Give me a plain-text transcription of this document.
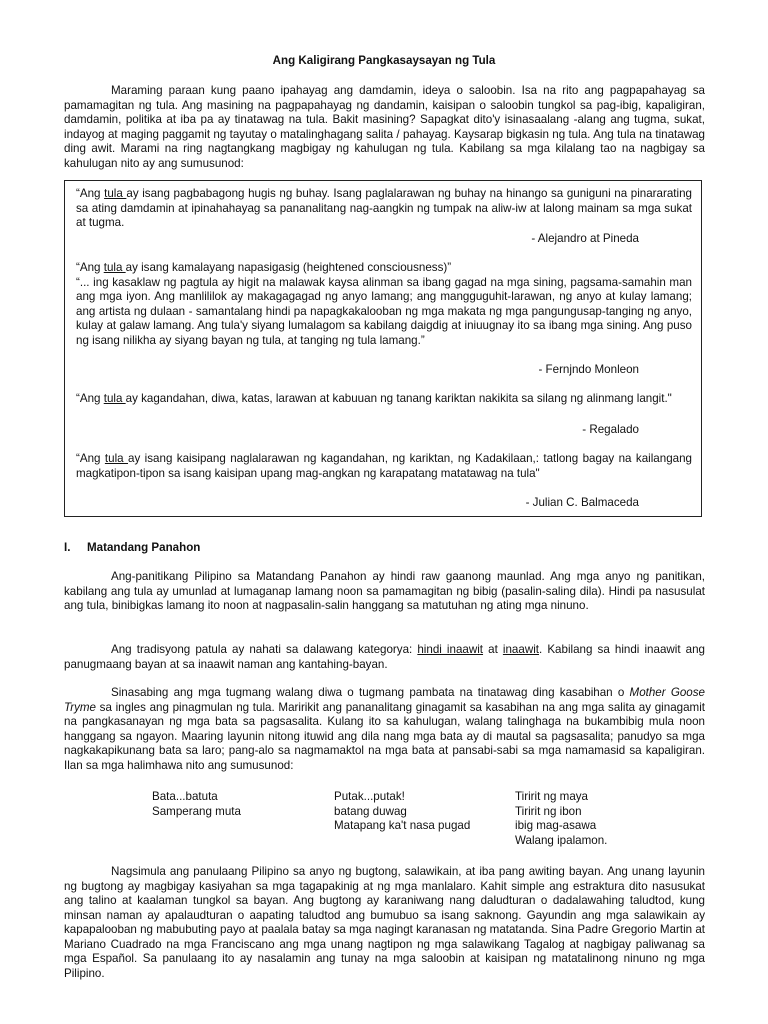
Ang Kaligirang Pangkasaysayan ng Tula
Maraming paraan kung paano ipahayag ang damdamin, ideya o saloobin. Isa na rito ang pagpapahayag sa pamamagitan ng tula. Ang masining na pagpapahayag ng dandamin, kaisipan o saloobin tungkol sa pag-ibig, kapaligiran, damdamin, politika at iba pa ay tinatawag na tula. Bakit masining? Sapagkat dito'y isinasaalang -alang ang tugma, sukat, indayog at maging paggamit ng tayutay o matalinghagang salita / pahayag. Kaysarap bigkasin ng tula. Ang tula na tinatawag ding awit. Marami na ring nagtangkang magbigay ng kahulugan ng tula. Kabilang sa mga kilalang tao na nagbigay sa kahulugan nito ay ang sumusunod:
“Ang tula ay isang pagbabagong hugis ng buhay. Isang paglalarawan ng buhay na hinango sa guniguni na pinararating sa ating damdamin at ipinahahayag sa pananalitang nag-aangkin ng tumpak na aliw-iw at lalong mainam sa mga sukat at tugma.
- Alejandro at Pineda
“Ang tula ay isang kamalayang napasigasig (heightened consciousness)”
“... ing kasaklaw ng pagtula ay higit na malawak kaysa alinman sa ibang gagad na mga sining, pagsama-samahin man ang mga iyon. Ang manlililok ay makagagagad ng anyo lamang; ang mangguguhit-larawan, ng anyo at kulay lamang; ang artista ng dulaan - samantalang hindi pa napagkakalooban ng mga makata ng mga pangungusap-tanging ng anyo, kulay at galaw lamang. Ang tula'y siyang lumalagom sa kabilang daigdig at iniuugnay ito sa ibang mga sining. Ang puso ng isang nilikha ay siyang bayan ng tula, at tanging ng tula lamang.”
- Fernjndo Monleon
“Ang tula ay kagandahan, diwa, katas, larawan at kabuuan ng tanang kariktan nakikita sa silang ng alinmang langit."
- Regalado
“Ang tula ay isang kaisipang naglalarawan ng kagandahan, ng kariktan, ng Kadakilaan,: tatlong bagay na kailangang magkatipon-tipon sa isang kaisipan upang mag-angkan ng karapatang matatawag na tula"
- Julian C. Balmaceda
I. Matandang Panahon
Ang-panitikang Pilipino sa Matandang Panahon ay hindi raw gaanong maunlad. Ang mga anyo ng panitikan, kabilang ang tula ay umunlad at lumaganap lamang noon sa pamamagitan ng bibig (pasalin-saling dila). Hindi pa nasusulat ang tula, binibigkas lamang ito noon at nagpasalin-salin hanggang sa matutuhan ng ating mga ninuno.
Ang tradisyong patula ay nahati sa dalawang kategorya: hindi inaawit at inaawit. Kabilang sa hindi inaawit ang panugmaang bayan at sa inaawit naman ang kantahing-bayan.
Sinasabing ang mga tugmang walang diwa o tugmang pambata na tinatawag ding kasabihan o Mother Goose Tryme sa ingles ang pinagmulan ng tula. Maririkit ang pananalitang ginagamit sa kasabihan na ang mga salita ay ginagamit na pangkasanayan ng mga bata sa pagsasalita. Kulang ito sa kahulugan, walang talinghaga na bukambibig mula noon hanggang sa ngayon. Maaring layunin nitong ituwid ang dila nang mga bata ay di mautal sa pagsasalita; panudyo sa mga nagkakapikunang bata sa laro; pang-alo sa nagmamaktol na mga bata at pansabi-sabi sa mga namamasid sa kapaligiran. Ilan sa mga halimhawa nito ang sumusunod:
Bata...batuta
Samperang muta
Putak...putak!
batang duwag
Matapang ka't nasa pugad
Tiririt ng maya
Tiririt ng ibon
ibig mag-asawa
Walang ipalamon.
Nagsimula ang panulaang Pilipino sa anyo ng bugtong, salawikain, at iba pang awiting bayan. Ang unang layunin ng bugtong ay magbigay kasiyahan sa mga tagapakinig at ng mga manlalaro. Kahit simple ang estraktura dito nasusukat ang talino at kaalaman tungkol sa bayan. Ang bugtong ay karaniwang nang daludturan o dadalawahing taludtod, kung minsan naman ay apalaudturan o aapating taludtod ang bumubuo sa isang saknong. Gayundin ang mga salawikain ay kapapalooban ng mabubuting payo at paalala batay sa mga nagingt karanasan ng matatanda. Sina Padre Gregorio Martin at Mariano Cuadrado na mga Franciscano ang mga unang nagtipon ng mga salawikang Tagalog at nagbigay paliwanag sa mga Español. Sa panulaang ito ay nasalamin ang tunay na mga saloobin at kaisipan ng matatalinong ninuno ng mga Pilipino.
